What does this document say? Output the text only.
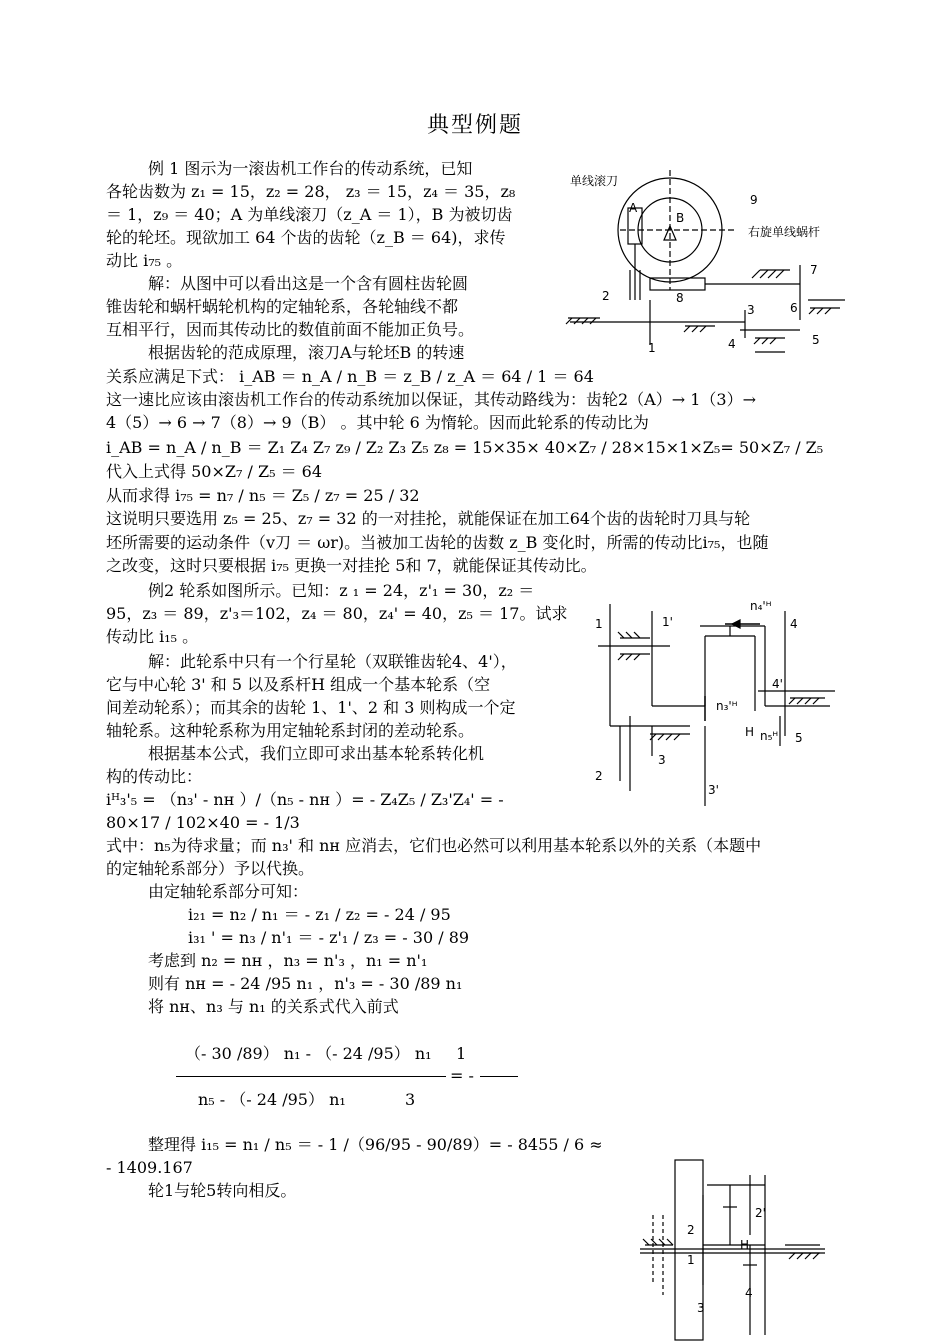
典型例题
例 1 图示为一滚齿机工作台的传动系统，已知
各轮齿数为 z₁ = 15，z₂ = 28， z₃ ＝ 15，z₄ ＝ 35，z₈
＝ 1，z₉ ＝ 40；A 为单线滚刀（z_A ＝ 1），B 为被切齿
轮的轮坯。现欲加工 64 个齿的齿轮（z_B ＝ 64)，求传
动比 i₇₅ 。
解：从图中可以看出这是一个含有圆柱齿轮圆
锥齿轮和蜗杆蜗轮机构的定轴轮系，各轮轴线不都
互相平行，因而其传动比的数值前面不能加正负号。
根据齿轮的范成原理，滚刀A与轮坯B 的转速
关系应满足下式： i_AB ＝ n_A / n_B ＝ z_B / z_A ＝ 64 / 1 ＝ 64
这一速比应该由滚齿机工作台的传动系统加以保证，其传动路线为：齿轮2（A）→ 1（3）→
4（5）→ 6 → 7（8）→ 9（B） 。其中轮 6 为惰轮。因而此轮系的传动比为
i_AB = n_A / n_B ＝ Z₁ Z₄ Z₇ z₉ / Z₂ Z₃ Z₅ z₈ = 15×35× 40×Z₇ / 28×15×1×Z₅= 50×Z₇ / Z₅
代入上式得 50×Z₇ / Z₅ ＝ 64
从而求得 i₇₅ = n₇ / n₅ ＝ Z₅ / z₇ = 25 / 32
这说明只要选用 z₅ = 25、z₇ = 32 的一对挂抡，就能保证在加工64个齿的齿轮时刀具与轮
坯所需要的运动条件（v刀 ＝ ωr)。当被加工齿轮的齿数 z_B 变化时，所需的传动比i₇₅，也随
之改变，这时只要根据 i₇₅ 更换一对挂抡 5和 7，就能保证其传动比。
单线滚刀
右旋单线蜗杆
A
B
9
7
2	8
6
3
5
4
1
例2 轮系如图所示。已知：z ₁ = 24，z'₁ = 30，z₂ ＝
95，z₃ ＝ 89，z'₃＝102，z₄ ＝ 80，z₄' = 40，z₅ ＝ 17。试求
传动比 i₁₅ 。
解：此轮系中只有一个行星轮（双联锥齿轮4、4'），
它与中心轮 3' 和 5 以及系杆H 组成一个基本轮系（空
间差动轮系）；而其余的齿轮 1、1'、2 和 3 则构成一个定
轴轮系。这种轮系称为用定轴轮系封闭的差动轮系。
根据基本公式，我们立即可求出基本轮系转化机
构的传动比：
iᴴ₃'₅ = （n₃' - nʜ ）/（n₅ - nʜ ）= - Z₄Z₅ / Z₃'Z₄' = -
80×17 / 102×40 = - 1/3
式中：n₅为待求量；而 n₃' 和 nʜ 应消去，它们也必然可以利用基本轮系以外的关系（本题中
的定轴轮系部分）予以代换。
由定轴轮系部分可知：
i₂₁ = n₂ / n₁ ＝ - z₁ / z₂ = - 24 / 95
i₃₁ ' = n₃ / n'₁ ＝ - z'₁ / z₃ = - 30 / 89
考虑到 n₂ = nʜ ，n₃ = n'₃ ，n₁ = n'₁
则有 nʜ = - 24 /95 n₁ ，n'₃ = - 30 /89 n₁
将 nʜ、n₃ 与 n₁ 的关系式代入前式
（- 30 /89） n₁ - （- 24 /95） n₁
= -
1
n₅ - （- 24 /95） n₁	3
整理得 i₁₅ = n₁ / n₅ ＝ - 1 /（96/95 - 90/89）= - 8455 / 6 ≈
- 1409.167
轮1与轮5转向相反。
1	1'
n₄'ᴴ
4
4'
n₃'ᴴ
H n₅ᴴ 5
3
2
3'
2
1
2'
H
4
3
